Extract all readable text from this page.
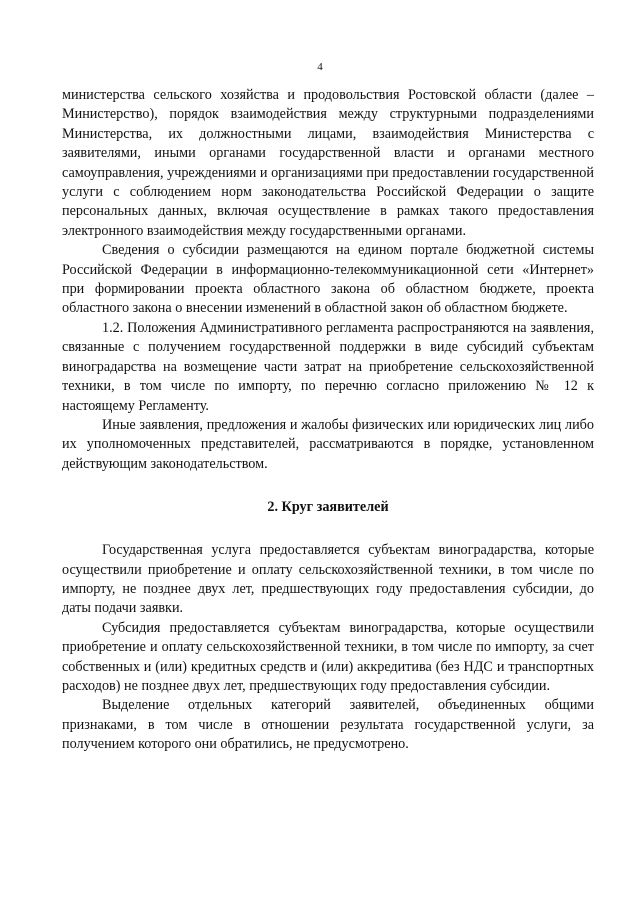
4

министерства сельского хозяйства и продовольствия Ростовской области (далее – Министерство), порядок взаимодействия между структурными подразделениями Министерства, их должностными лицами, взаимодействия Министерства с заявителями, иными органами государственной власти и органами местного самоуправления, учреждениями и организациями при предоставлении государственной услуги с соблюдением норм законодательства Российской Федерации о защите персональных данных, включая осуществление в рамках такого предоставления электронного взаимодействия между государственными органами.

Сведения о субсидии размещаются на едином портале бюджетной системы Российской Федерации в информационно-телекоммуникационной сети «Интернет» при формировании проекта областного закона об областном бюджете, проекта областного закона о внесении изменений в областной закон об областном бюджете.

1.2. Положения Административного регламента распространяются на заявления, связанные с получением государственной поддержки в виде субсидий субъектам виноградарства на возмещение части затрат на приобретение сельскохозяйственной техники, в том числе по импорту, по перечню согласно приложению № 12 к настоящему Регламенту.

Иные заявления, предложения и жалобы физических или юридических лиц либо их уполномоченных представителей, рассматриваются в порядке, установленном действующим законодательством.

2. Круг заявителей

Государственная услуга предоставляется субъектам виноградарства, которые осуществили приобретение и оплату сельскохозяйственной техники, в том числе по импорту, не позднее двух лет, предшествующих году предоставления субсидии, до даты подачи заявки.

Субсидия предоставляется субъектам виноградарства, которые осуществили приобретение и оплату сельскохозяйственной техники, в том числе по импорту, за счет собственных и (или) кредитных средств и (или) аккредитива (без НДС и транспортных расходов) не позднее двух лет, предшествующих году предоставления субсидии.

Выделение отдельных категорий заявителей, объединенных общими признаками, в том числе в отношении результата государственной услуги, за получением которого они обратились, не предусмотрено.
